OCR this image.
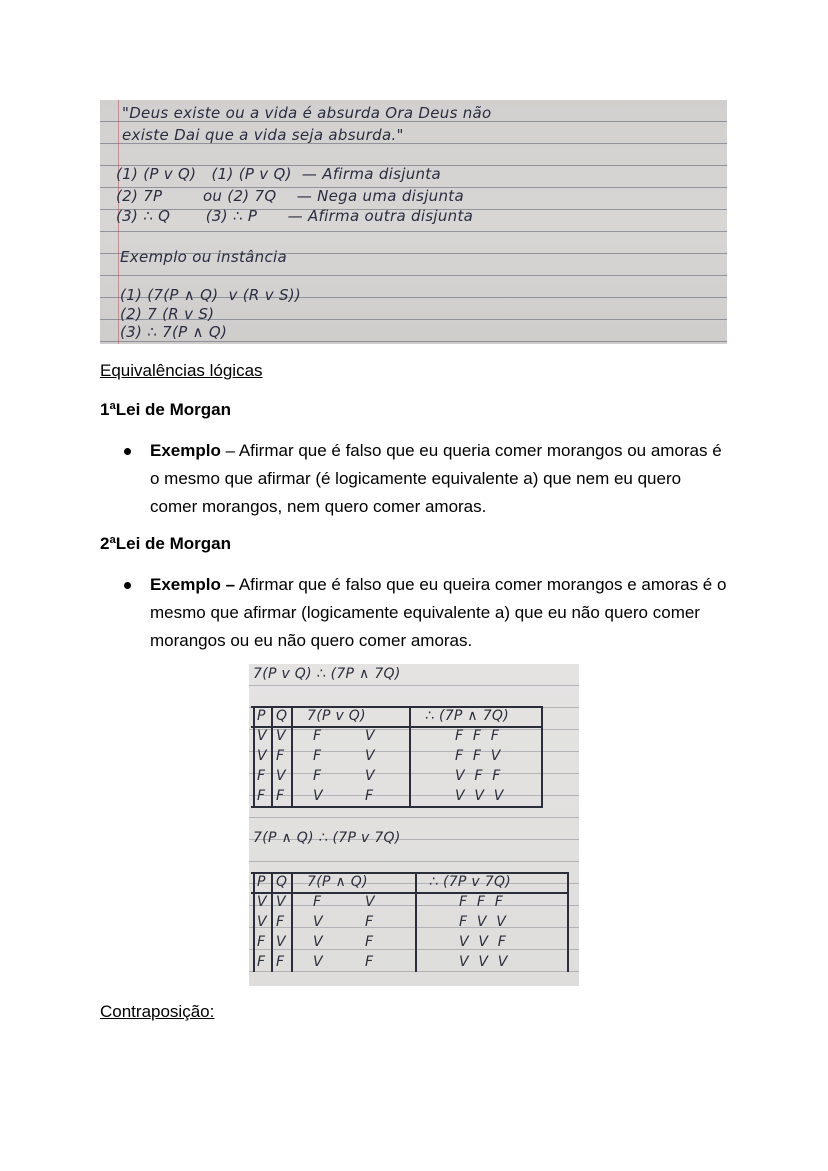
"Deus existe ou a vida é absurda Ora Deus não
existe Dai que a vida seja absurda."
(1) (P v Q)   (1) (P v Q)  — Afirma disjunta
(2) 7P        ou (2) 7Q    — Nega uma disjunta
(3) ∴ Q       (3) ∴ P      — Afirma outra disjunta
Exemplo ou instância
(1) (7(P ∧ Q)  v (R v S))
(2) 7 (R v S)
(3) ∴ 7(P ∧ Q)
Equivalências lógicas
1ªLei de Morgan
Exemplo – Afirmar que é falso que eu queria comer morangos ou amoras é o mesmo que afirmar (é logicamente equivalente a) que nem eu quero comer morangos, nem quero comer amoras.
2ªLei de Morgan
Exemplo – Afirmar que é falso que eu queira comer morangos e amoras é o mesmo que afirmar (logicamente equivalente a) que eu não quero comer morangos ou eu não quero comer amoras.
7(P v Q) ∴ (7P ∧ 7Q)
P Q 7(P v Q)	∴ (7P ∧ 7Q)
V V F	V	F  F  F
V F F	V	F  F  V
F V F	V	V  F  F
F F V	F	V  V  V
7(P ∧ Q) ∴ (7P v 7Q)
P Q 7(P ∧ Q)	∴ (7P v 7Q)
V V F	V	F  F  F
V F V	F	F  V  V
F V V	F	V  V  F
F F V	F	V  V  V
Contraposição:
